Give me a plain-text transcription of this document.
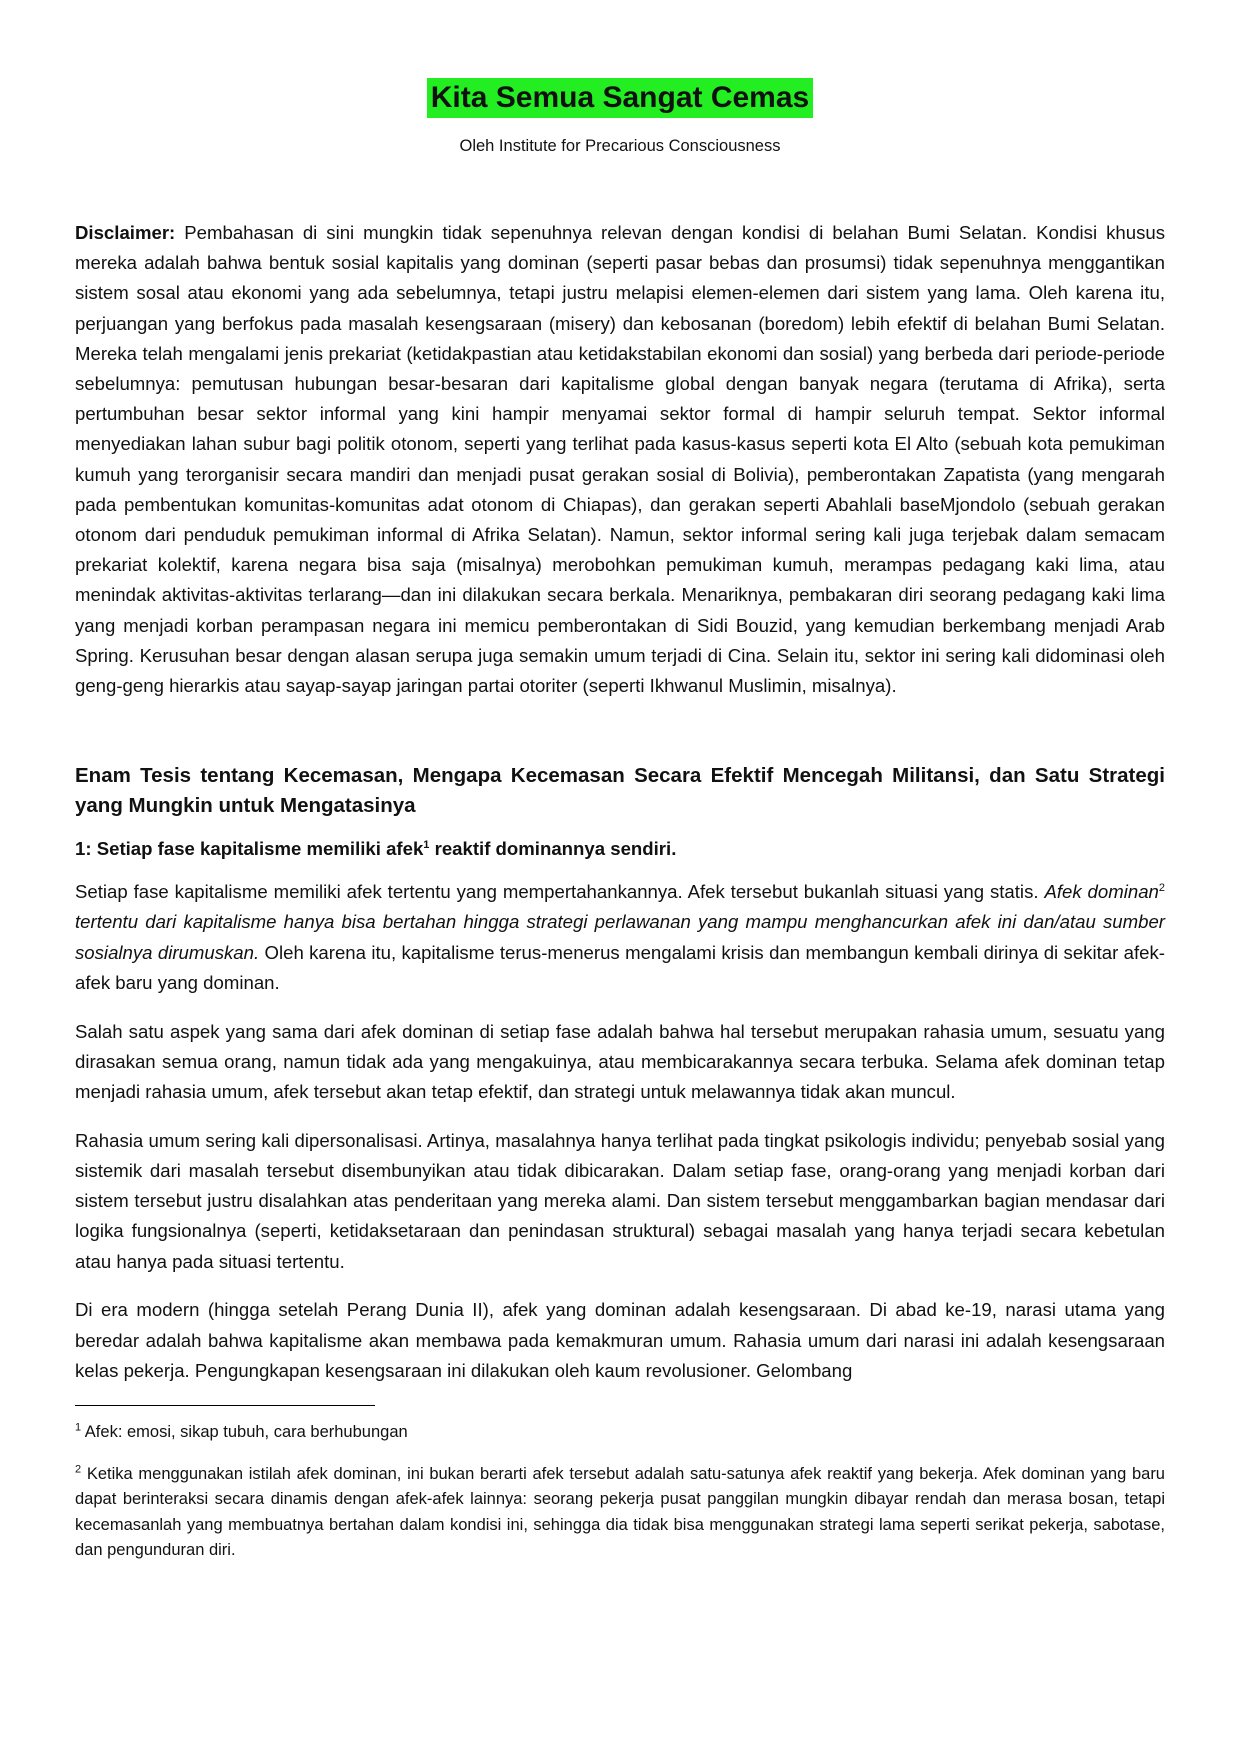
Kita Semua Sangat Cemas
Oleh Institute for Precarious Consciousness

Disclaimer: Pembahasan di sini mungkin tidak sepenuhnya relevan dengan kondisi di belahan Bumi Selatan. Kondisi khusus mereka adalah bahwa bentuk sosial kapitalis yang dominan (seperti pasar bebas dan prosumsi) tidak sepenuhnya menggantikan sistem sosal atau ekonomi yang ada sebelumnya, tetapi justru melapisi elemen-elemen dari sistem yang lama. Oleh karena itu, perjuangan yang berfokus pada masalah kesengsaraan (misery) dan kebosanan (boredom) lebih efektif di belahan Bumi Selatan. Mereka telah mengalami jenis prekariat (ketidakpastian atau ketidakstabilan ekonomi dan sosial) yang berbeda dari periode-periode sebelumnya: pemutusan hubungan besar-besaran dari kapitalisme global dengan banyak negara (terutama di Afrika), serta pertumbuhan besar sektor informal yang kini hampir menyamai sektor formal di hampir seluruh tempat. Sektor informal menyediakan lahan subur bagi politik otonom, seperti yang terlihat pada kasus-kasus seperti kota El Alto (sebuah kota pemukiman kumuh yang terorganisir secara mandiri dan menjadi pusat gerakan sosial di Bolivia), pemberontakan Zapatista (yang mengarah pada pembentukan komunitas-komunitas adat otonom di Chiapas), dan gerakan seperti Abahlali baseMjondolo (sebuah gerakan otonom dari penduduk pemukiman informal di Afrika Selatan). Namun, sektor informal sering kali juga terjebak dalam semacam prekariat kolektif, karena negara bisa saja (misalnya) merobohkan pemukiman kumuh, merampas pedagang kaki lima, atau menindak aktivitas-aktivitas terlarang—dan ini dilakukan secara berkala. Menariknya, pembakaran diri seorang pedagang kaki lima yang menjadi korban perampasan negara ini memicu pemberontakan di Sidi Bouzid, yang kemudian berkembang menjadi Arab Spring. Kerusuhan besar dengan alasan serupa juga semakin umum terjadi di Cina. Selain itu, sektor ini sering kali didominasi oleh geng-geng hierarkis atau sayap-sayap jaringan partai otoriter (seperti Ikhwanul Muslimin, misalnya).

Enam Tesis tentang Kecemasan, Mengapa Kecemasan Secara Efektif Mencegah Militansi, dan Satu Strategi yang Mungkin untuk Mengatasinya
1: Setiap fase kapitalisme memiliki afek$^1$ reaktif dominannya sendiri.

Setiap fase kapitalisme memiliki afek tertentu yang mempertahankannya. Afek tersebut bukanlah situasi yang statis. Afek dominan$^2$ tertentu dari kapitalisme hanya bisa bertahan hingga strategi perlawanan yang mampu menghancurkan afek ini dan/atau sumber sosialnya dirumuskan. Oleh karena itu, kapitalisme terus-menerus mengalami krisis dan membangun kembali dirinya di sekitar afek-afek baru yang dominan.

Salah satu aspek yang sama dari afek dominan di setiap fase adalah bahwa hal tersebut merupakan rahasia umum, sesuatu yang dirasakan semua orang, namun tidak ada yang mengakuinya, atau membicarakannya secara terbuka. Selama afek dominan tetap menjadi rahasia umum, afek tersebut akan tetap efektif, dan strategi untuk melawannya tidak akan muncul.

Rahasia umum sering kali dipersonalisasi. Artinya, masalahnya hanya terlihat pada tingkat psikologis individu; penyebab sosial yang sistemik dari masalah tersebut disembunyikan atau tidak dibicarakan. Dalam setiap fase, orang-orang yang menjadi korban dari sistem tersebut justru disalahkan atas penderitaan yang mereka alami. Dan sistem tersebut menggambarkan bagian mendasar dari logika fungsionalnya (seperti, ketidaksetaraan dan penindasan struktural) sebagai masalah yang hanya terjadi secara kebetulan atau hanya pada situasi tertentu.

Di era modern (hingga setelah Perang Dunia II), afek yang dominan adalah kesengsaraan. Di abad ke-19, narasi utama yang beredar adalah bahwa kapitalisme akan membawa pada kemakmuran umum. Rahasia umum dari narasi ini adalah kesengsaraan kelas pekerja. Pengungkapan kesengsaraan ini dilakukan oleh kaum revolusioner. Gelombang

$^1$ Afek: emosi, sikap tubuh, cara berhubungan
$^2$ Ketika menggunakan istilah afek dominan, ini bukan berarti afek tersebut adalah satu-satunya afek reaktif yang bekerja. Afek dominan yang baru dapat berinteraksi secara dinamis dengan afek-afek lainnya: seorang pekerja pusat panggilan mungkin dibayar rendah dan merasa bosan, tetapi kecemasanlah yang membuatnya bertahan dalam kondisi ini, sehingga dia tidak bisa menggunakan strategi lama seperti serikat pekerja, sabotase, dan pengunduran diri.
